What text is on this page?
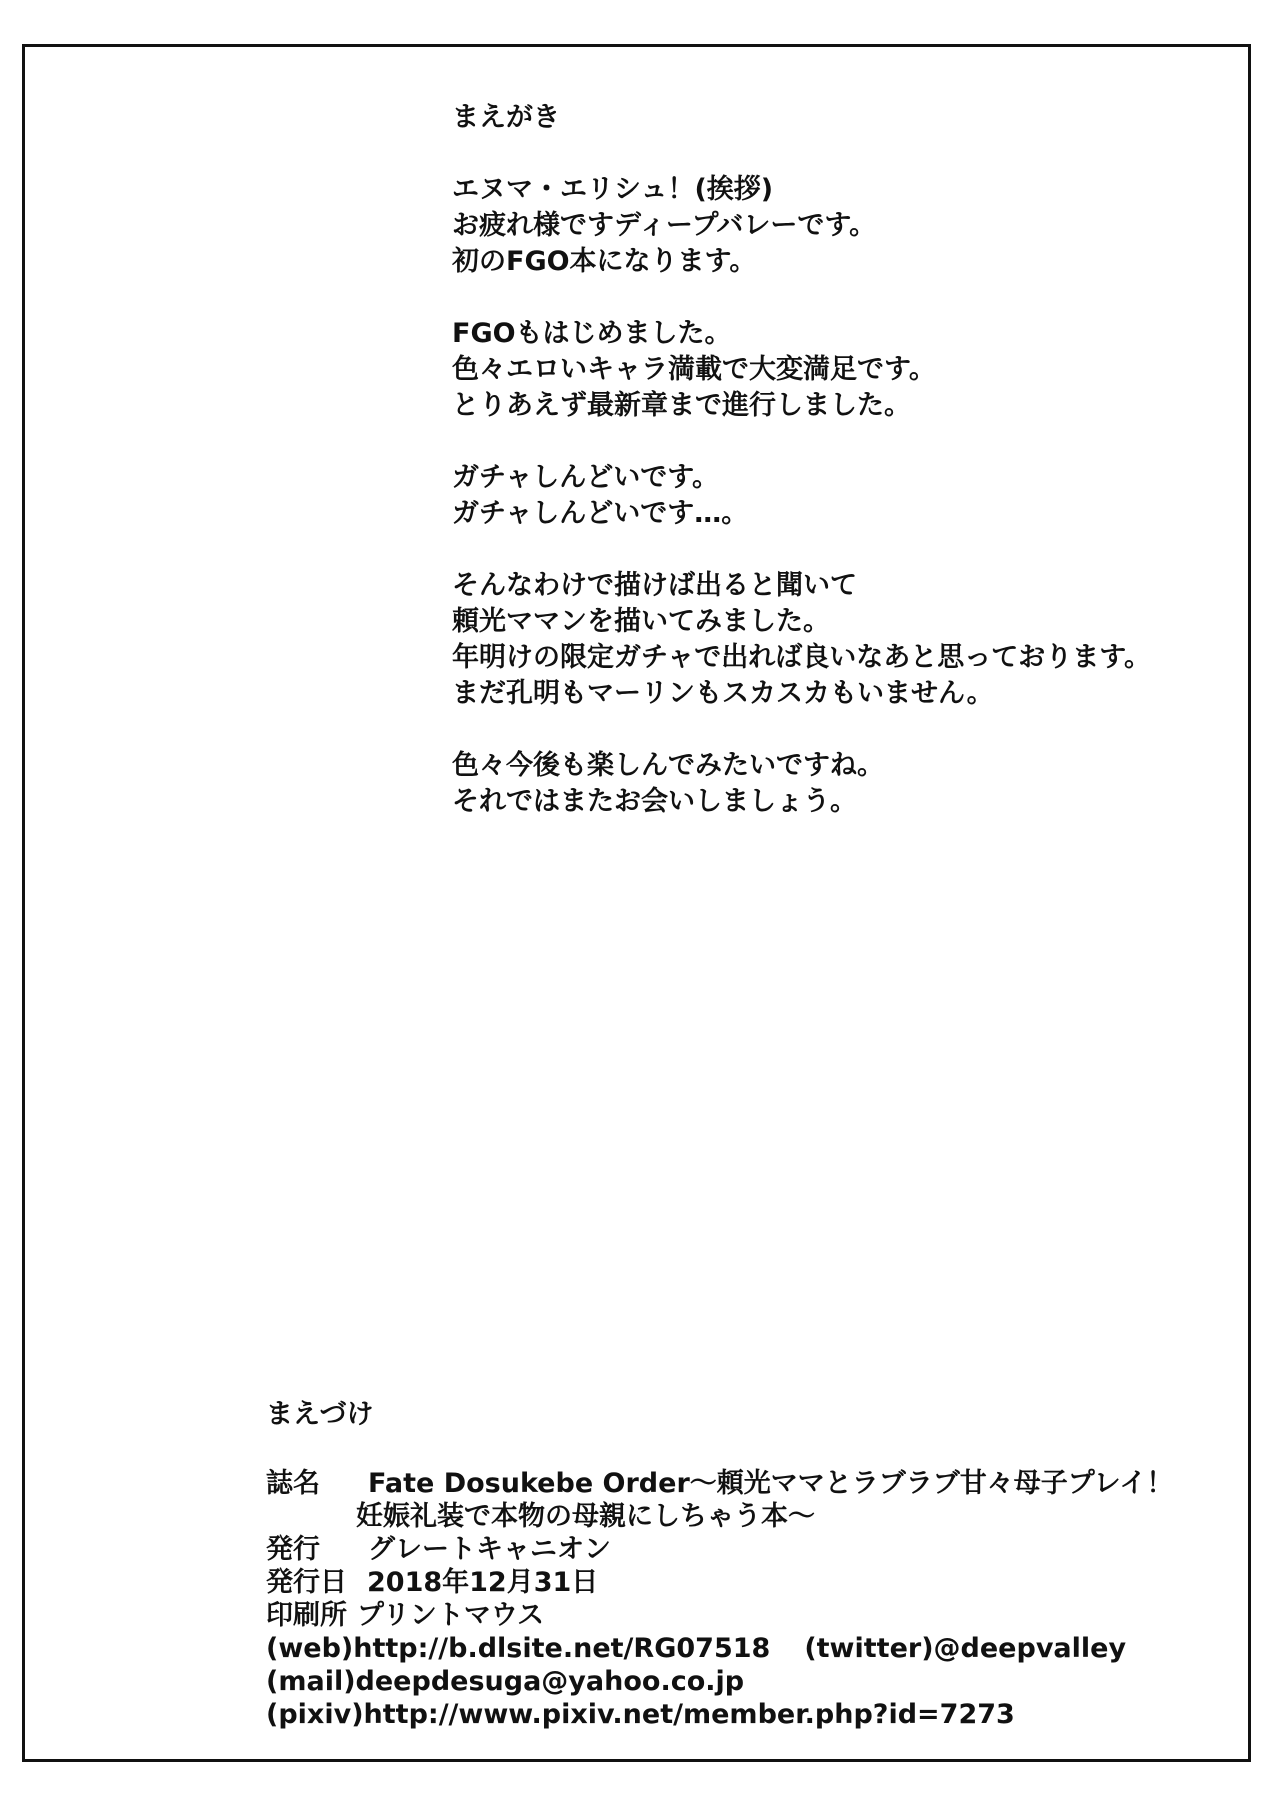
まえがき
エヌマ・エリシュ！(挨拶)
お疲れ様ですディープバレーです。
初のFGO本になります。
FGOもはじめました。
色々エロいキャラ満載で大変満足です。
とりあえず最新章まで進行しました。
ガチャしんどいです。
ガチャしんどいです…。
そんなわけで描けば出ると聞いて
頼光ママンを描いてみました。
年明けの限定ガチャで出れば良いなあと思っております。
まだ孔明もマーリンもスカスカもいません。
色々今後も楽しんでみたいですね。
それではまたお会いしましょう。
まえづけ
誌名 Fate Dosukebe Order～頼光ママとラブラブ甘々母子プレイ！
妊娠礼装で本物の母親にしちゃう本～
発行 グレートキャニオン
発行日 2018年12月31日
印刷所 プリントマウス
(web)http://b.dlsite.net/RG07518 (twitter)@deepvalley
(mail)deepdesuga@yahoo.co.jp
(pixiv)http://www.pixiv.net/member.php?id=7273
